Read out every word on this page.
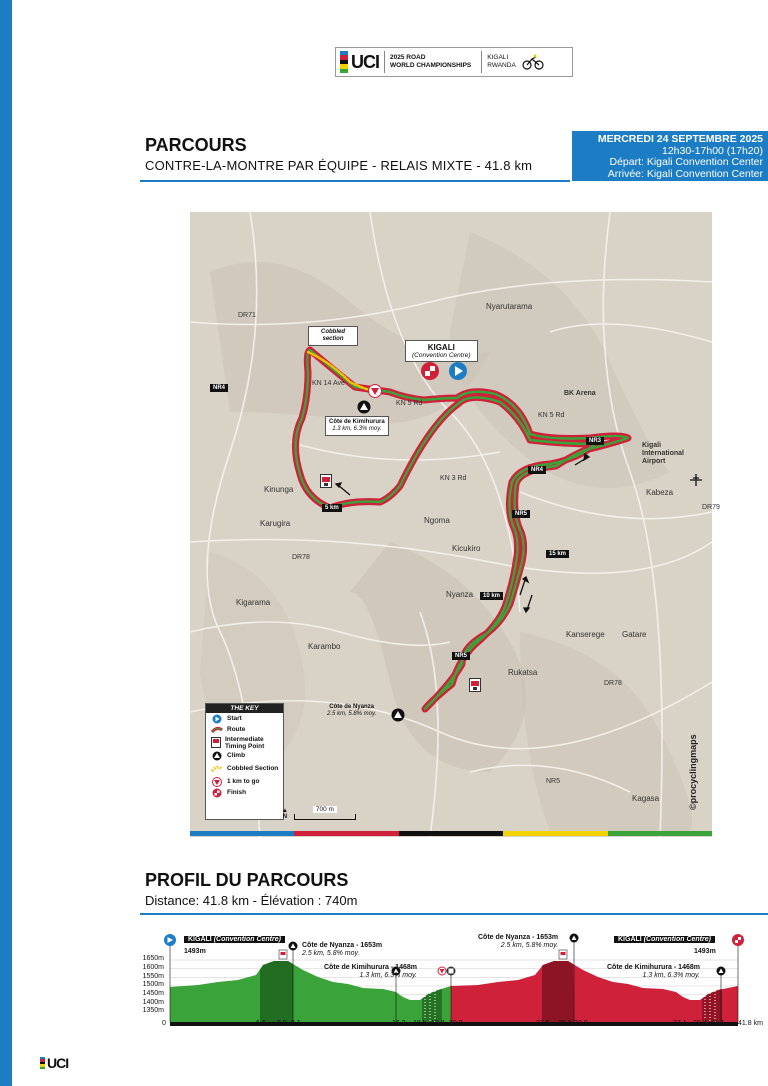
UCI 2025 ROAD
WORLD CHAMPIONSHIPS
KIGALI
RWANDA
PARCOURS
CONTRE-LA-MONTRE PAR ÉQUIPE - RELAIS MIXTE - 41.8 km
MERCREDI 24 SEPTEMBRE 2025
12h30-17h00 (17h20)
Départ: Kigali Convention Center
Arrivée: Kigali Convention Center
KIGALI
(Convention Centre)
Cobbled section
Côte de Kimihurura
1.3 km, 6.3% moy.
Côte de Nyanza
2.5 km, 5.8% moy.
KN 14 Ave
KN 5 Rd
KN 5 Rd
KN 3 Rd
NR3
NR4
NR4
NR5
NR5
NR5
DR71
DR78
DR78
DR79
Nyarutarama
BK Arena
Kigali International Airport
Kabeza
Kinunga
Karugira	Ngoma
Kicukiro
Kigarama
Nyanza
Gatare
Kanserege
Karambo
Rukatsa
Kagasa
5 km
10 km
15 km
©procyclingmaps
THE KEY
Start
Route
Intermediate Timing Point
Climb
Cobbled Section
1 km to go
Finish
▲
N
700 m
PROFIL DU PARCOURS
Distance: 41.8 km - Élévation : 740m
KIGALI (Convention Centre)
1493m
KIGALI (Convention Centre)
1493m
Côte de Nyanza - 1653m
2.5 km, 5.8% moy.
Côte de Kimihurura - 1468m
1.3 km, 6.3% moy.
Côte de Nyanza - 1653m
2.5 km, 5.8% moy.
Côte de Kimihurura - 1468m
1.3 km, 6.3% moy.
1650m
1600m
1550m
1500m
1450m
1400m
1350m
0	6.6 8.9 9.1	16.2 18.5 19.8 20.9	27.5 29.8 30.0	37.1 39.4 40.7 41.8 km
UCI
